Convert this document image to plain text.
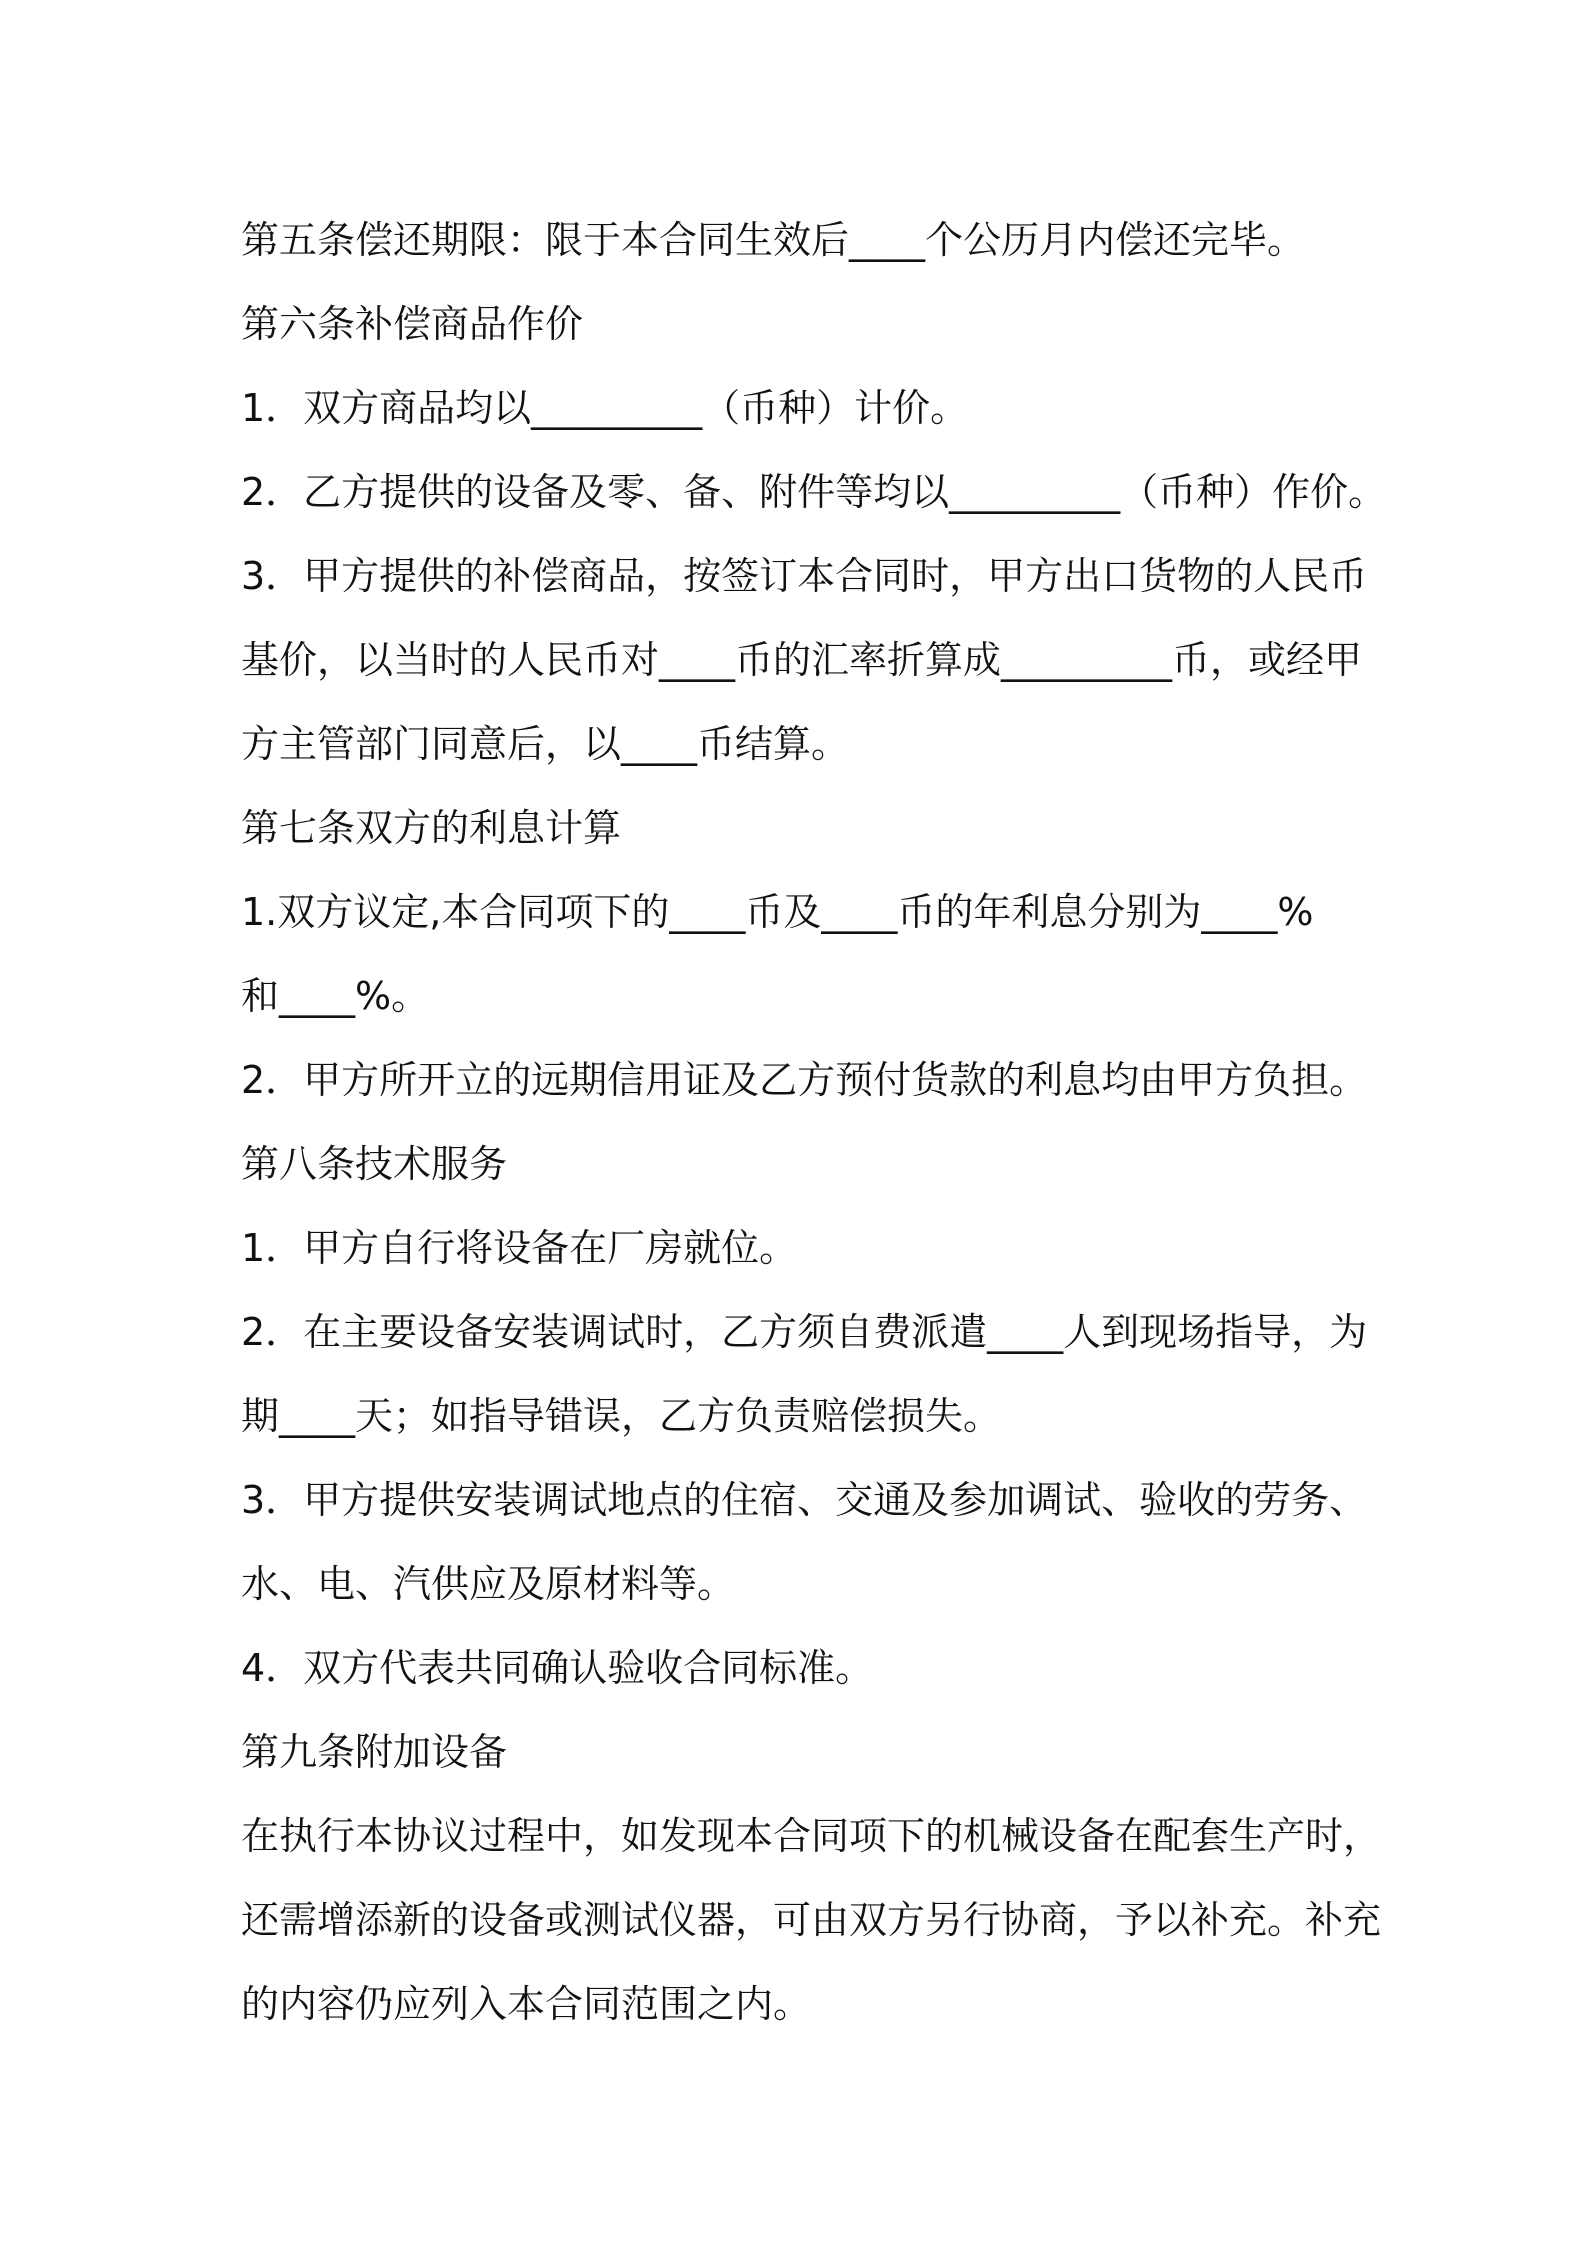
第五条偿还期限：限于本合同生效后____个公历月内偿还完毕。
第六条补偿商品作价
1．双方商品均以_________（币种）计价。
2．乙方提供的设备及零、备、附件等均以_________（币种）作价。
3．甲方提供的补偿商品，按签订本合同时，甲方出口货物的人民币
基价，以当时的人民币对____币的汇率折算成_________币，或经甲
方主管部门同意后，以____币结算。
第七条双方的利息计算
1.双方议定,本合同项下的____币及____币的年利息分别为____%
和____%。
2．甲方所开立的远期信用证及乙方预付货款的利息均由甲方负担。
第八条技术服务
1．甲方自行将设备在厂房就位。
2．在主要设备安装调试时，乙方须自费派遣____人到现场指导，为
期____天；如指导错误，乙方负责赔偿损失。
3．甲方提供安装调试地点的住宿、交通及参加调试、验收的劳务、
水、电、汽供应及原材料等。
4．双方代表共同确认验收合同标准。
第九条附加设备
在执行本协议过程中，如发现本合同项下的机械设备在配套生产时，
还需增添新的设备或测试仪器，可由双方另行协商，予以补充。补充
的内容仍应列入本合同范围之内。
